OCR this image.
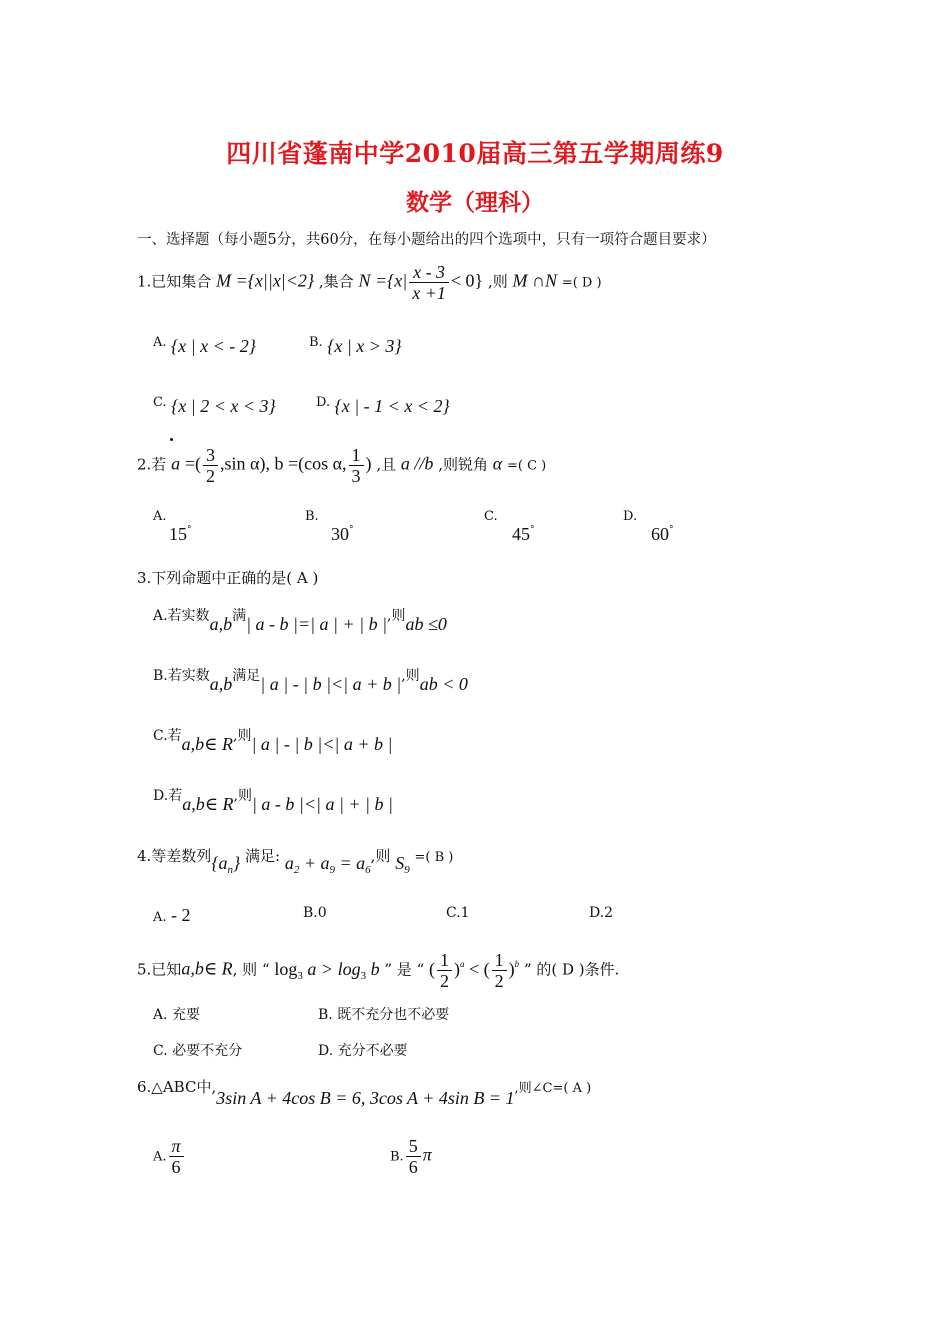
四川省蓬南中学2010届高三第五学期周练9
数学（理科）
一、选择题（每小题5分，共60分，在每小题给出的四个选项中，只有一项符合题目要求）
1.已知集合 M ={x||x|<2} ,集合 $N =\{x| \frac{x - 3}{x +1} < 0\}$ ,则 M ∩N =( D )
A. {x | x < - 2}	B. {x | x > 3}
C. {x | 2 < x < 3}	D. {x | - 1 < x < 2}
2.若 a =( $\frac{3}{2} ,\sin$ α), b =(cos α, $\frac{1}{3}$ ) ,且 a //b ,则锐角 α =( C )
A.
15°
B.
30°
C.
45°
D.
60°
3.下列命题中正确的是( A )
A.若实数a,b满| a - b |=| a | + | b |,则ab ≤0
B.若实数a,b满足| a | - | b |<| a + b |,则ab < 0
C.若a,b∈ R,则| a | - | b |<| a + b |
D.若a,b∈ R,则| a - b |<| a | + | b |
4.等差数列$\{a_n\}$ 满足: $a_2 + a_9 = a_6$,则 $S_9$ =( B )
A. - 2	B.0	C.1	D.2
5.已知a,b∈ R, 则 “ $\log_3 a > \log_3 b$ ” 是 “ ( $\frac{1}{2} )^a$ < ( $\frac{1}{2} )^b$ ” 的( D )条件.
A. 充要	B. 既不充分也不必要
C. 必要不充分	D. 充分不必要
6.△ABC中,3sin A + 4cos B = 6, 3cos A + 4sin B = 1,则∠C=( A )
A. $\frac{\pi}{6}$	B. $\frac{5}{6}$ π
